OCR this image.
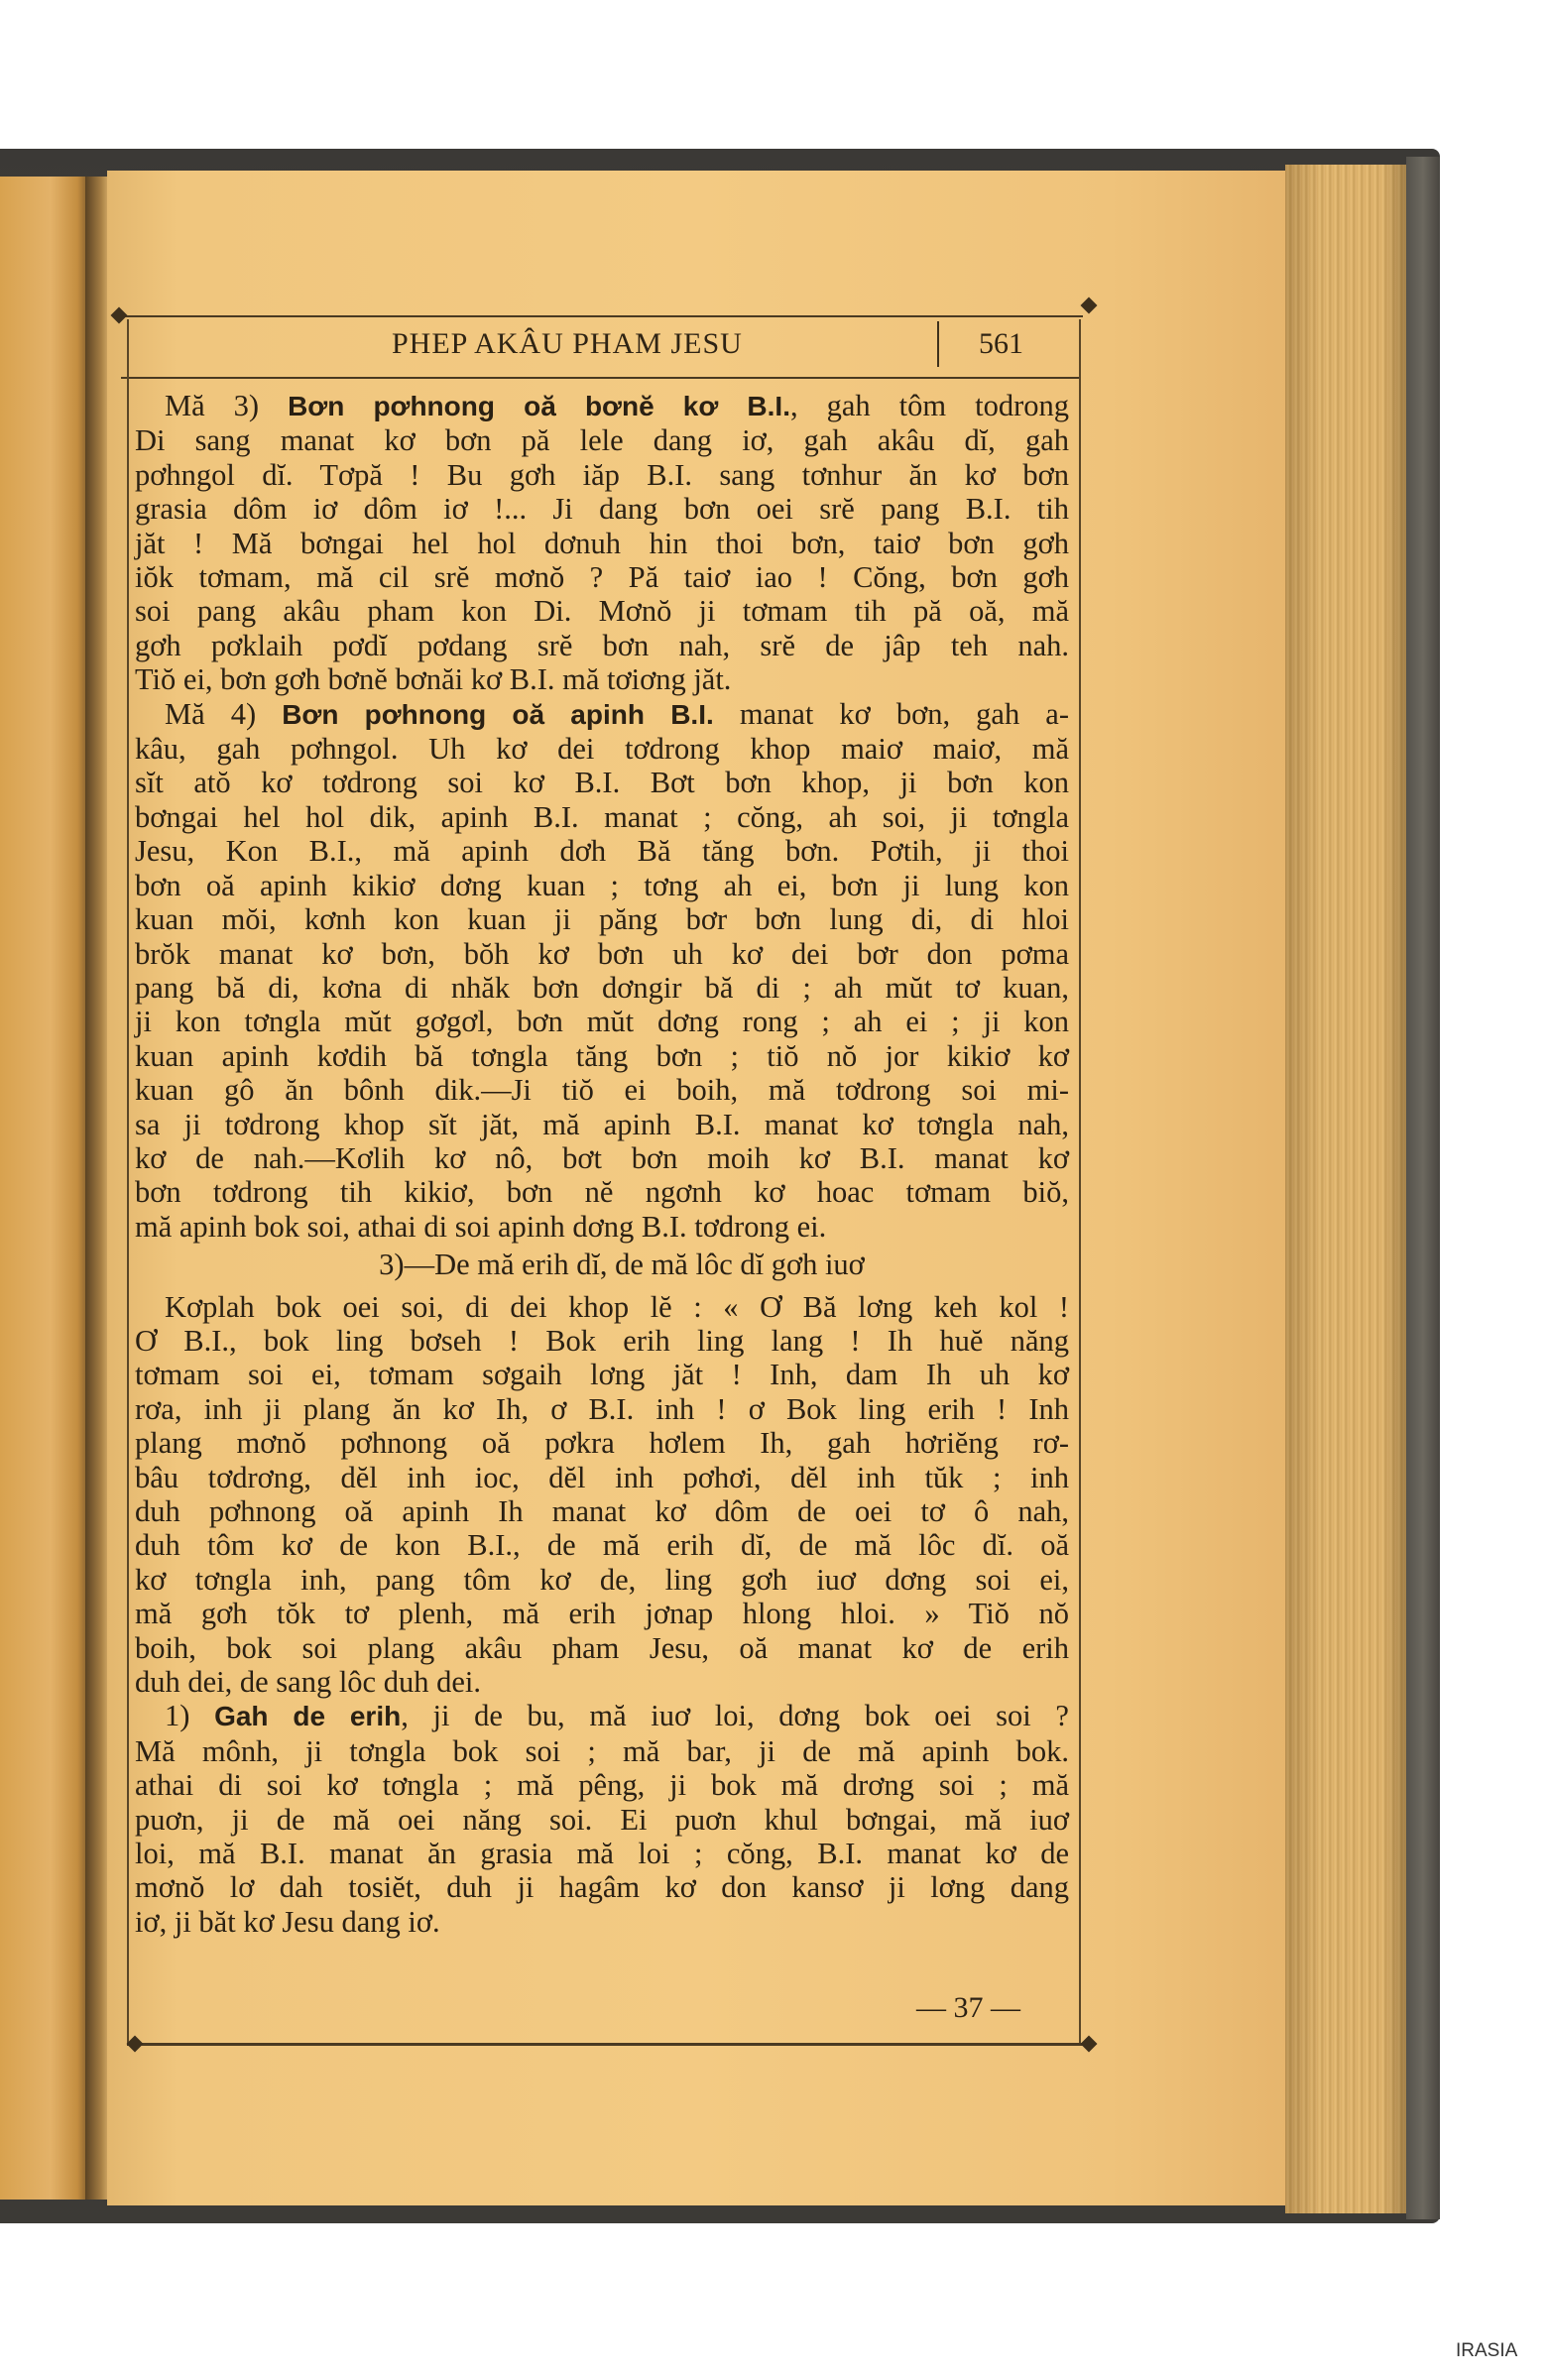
PHEP AKÂU PHAM JESU	561
Mă 3) Bơn pơhnong oă bơnĕ kơ B.I., gah tôm todrong
Di sang manat kơ bơn pă lele dang iơ, gah akâu dĭ, gah
pơhngol dĭ. Tơpă ! Bu gơh iăp B.I. sang tơnhur ăn kơ bơn
grasia dôm iơ dôm iơ !... Ji dang bơn oei srĕ pang B.I. tih
jăt ! Mă bơngai hel hol dơnuh hin thoi bơn, taiơ bơn gơh
iŏk tơmam, mă cil srĕ mơnŏ ? Pă taiơ iao ! Cŏng, bơn gơh
soi pang akâu pham kon Di. Mơnŏ ji tơmam tih pă oă, mă
gơh pơklaih pơdĭ pơdang srĕ bơn nah, srĕ de jâp teh nah.
Tiŏ ei, bơn gơh bơnĕ bơnăi kơ B.I. mă tơiơng jăt.
Mă 4) Bơn pơhnong oă apinh B.I. manat kơ bơn, gah a-
kâu, gah pơhngol. Uh kơ dei tơdrong khop maiơ maiơ, mă
sĭt atŏ kơ tơdrong soi kơ B.I. Bơt bơn khop, ji bơn kon
bơngai hel hol dik, apinh B.I. manat ; cŏng, ah soi, ji tơngla
Jesu, Kon B.I., mă apinh dơh Bă tăng bơn. Pơtih, ji thoi
bơn oă apinh kikiơ dơng kuan ; tơng ah ei, bơn ji lung kon
kuan mŏi, kơnh kon kuan ji păng bơr bơn lung di, di hloi
brŏk manat kơ bơn, bŏh kơ bơn uh kơ dei bơr don pơma
pang bă di, kơna di nhăk bơn dơngir bă di ; ah mŭt tơ kuan,
ji kon tơngla mŭt gơgơl, bơn mŭt dơng rong ; ah ei ; ji kon
kuan apinh kơdih bă tơngla tăng bơn ; tiŏ nŏ jor kikiơ kơ
kuan gô ăn bônh dik.—Ji tiŏ ei boih, mă tơdrong soi mi-
sa ji tơdrong khop sĭt jăt, mă apinh B.I. manat kơ tơngla nah,
kơ de nah.—Kơlih kơ nô, bơt bơn moih kơ B.I. manat kơ
bơn tơdrong tih kikiơ, bơn nĕ ngơnh kơ hoac tơmam biŏ,
mă apinh bok soi, athai di soi apinh dơng B.I. tơdrong ei.
3)—De mă erih dĭ, de mă lôc dĭ gơh iuơ
Kơplah bok oei soi, di dei khop lĕ : « Ơ Bă lơng keh kol !
Ơ B.I., bok ling bơseh ! Bok erih ling lang ! Ih huĕ năng
tơmam soi ei, tơmam sơgaih lơng jăt ! Inh, dam Ih uh kơ
rơa, inh ji plang ăn kơ Ih, ơ B.I. inh ! ơ Bok ling erih ! Inh
plang mơnŏ pơhnong oă pơkra hơlem Ih, gah hơriĕng rơ-
bâu tơdrơng, dĕl inh ioc, dĕl inh pơhơi, dĕl inh tŭk ; inh
duh pơhnong oă apinh Ih manat kơ dôm de oei tơ ô nah,
duh tôm kơ de kon B.I., de mă erih dĭ, de mă lôc dĭ. oă
kơ tơngla inh, pang tôm kơ de, ling gơh iuơ dơng soi ei,
mă gơh tŏk tơ plenh, mă erih jơnap hlong hloi. » Tiŏ nŏ
boih, bok soi plang akâu pham Jesu, oă manat kơ de erih
duh dei, de sang lôc duh dei.
1) Gah de erih, ji de bu, mă iuơ loi, dơng bok oei soi ?
Mă mônh, ji tơngla bok soi ; mă bar, ji de mă apinh bok.
athai di soi kơ tơngla ; mă pêng, ji bok mă drơng soi ; mă
puơn, ji de mă oei năng soi. Ei puơn khul bơngai, mă iuơ
loi, mă B.I. manat ăn grasia mă loi ; cŏng, B.I. manat kơ de
mơnŏ lơ dah tosiĕt, duh ji hagâm kơ don kansơ ji lơng dang
iơ, ji băt kơ Jesu dang iơ.
— 37 —
IRASIA
